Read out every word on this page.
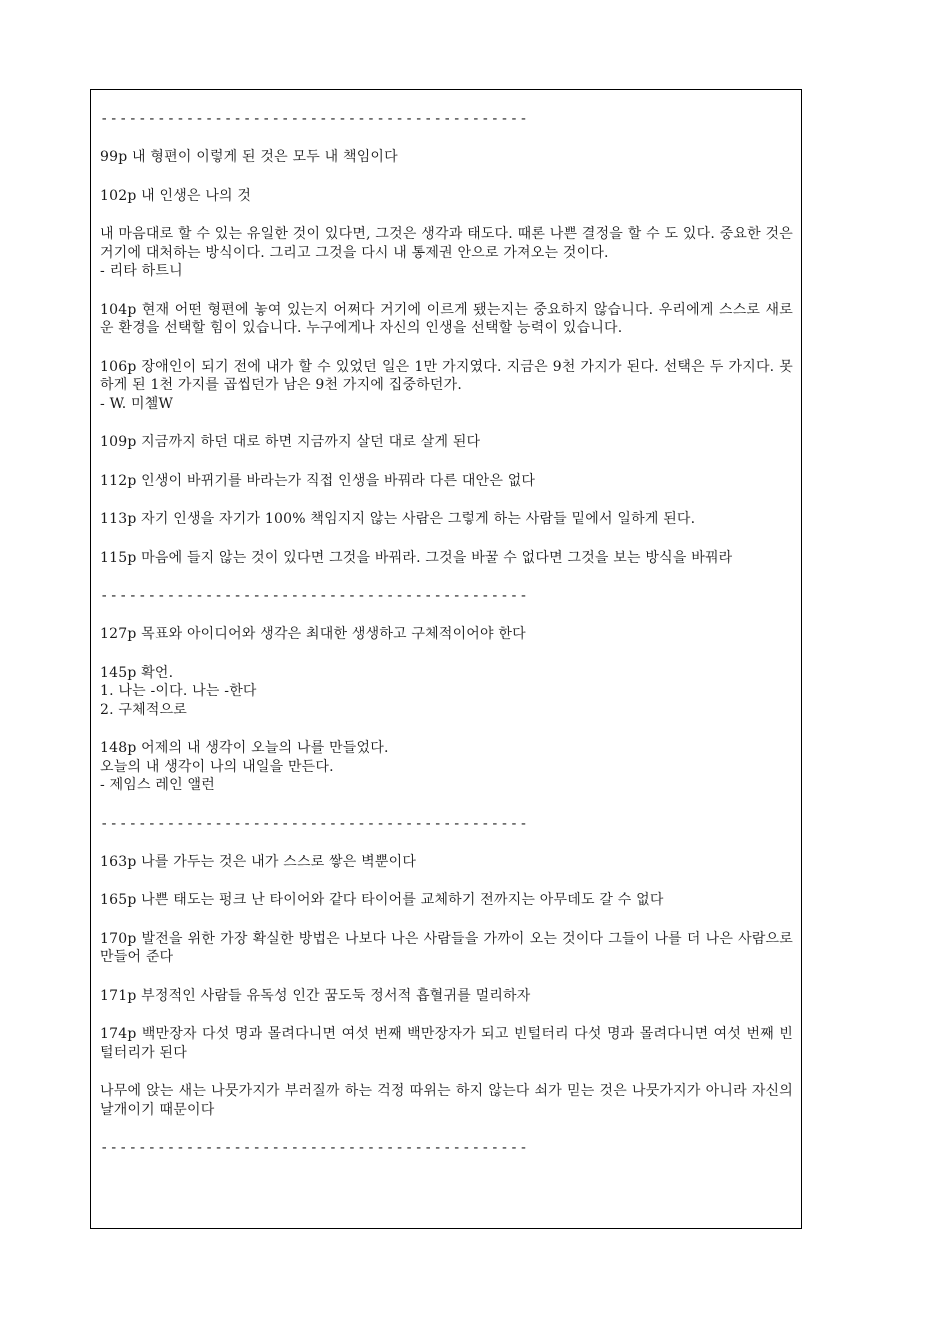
---------------------------------------------
99p 내 형편이 이렇게 된 것은 모두 내 책임이다
102p 내 인생은 나의 것
내 마음대로 할 수 있는 유일한 것이 있다면, 그것은 생각과 태도다. 때론 나쁜 결정을 할 수 도 있다. 중요한 것은 거기에 대처하는 방식이다. 그리고 그것을 다시 내 통제권 안으로 가져오는 것이다.
- 리타 하트니
104p 현재 어떤 형편에 놓여 있는지 어쩌다 거기에 이르게 됐는지는 중요하지 않습니다. 우리에게 스스로 새로운 환경을 선택할 힘이 있습니다. 누구에게나 자신의 인생을 선택할 능력이 있습니다.
106p 장애인이 되기 전에 내가 할 수 있었던 일은 1만 가지였다. 지금은 9천 가지가 된다. 선택은 두 가지다. 못 하게 된 1천 가지를 곱씹던가 남은 9천 가지에 집중하던가.
- W. 미첼W
109p 지금까지 하던 대로 하면 지금까지 살던 대로 살게 된다
112p 인생이 바뀌기를 바라는가 직접 인생을 바꿔라 다른 대안은 없다
113p 자기 인생을 자기가 100% 책임지지 않는 사람은 그렇게 하는 사람들 밑에서 일하게 된다.
115p 마음에 들지 않는 것이 있다면 그것을 바꿔라. 그것을 바꿀 수 없다면 그것을 보는 방식을 바꿔라
---------------------------------------------
127p 목표와 아이디어와 생각은 최대한 생생하고 구체적이어야 한다
145p 확언.
1. 나는 -이다. 나는 -한다
2. 구체적으로
148p 어제의 내 생각이 오늘의 나를 만들었다.
오늘의 내 생각이 나의 내일을 만든다.
- 제임스 레인 앨런
---------------------------------------------
163p 나를 가두는 것은 내가 스스로 쌓은 벽뿐이다
165p 나쁜 태도는 펑크 난 타이어와 같다 타이어를 교체하기 전까지는 아무데도 갈 수 없다
170p 발전을 위한 가장 확실한 방법은 나보다 나은 사람들을 가까이 오는 것이다 그들이 나를 더 나은 사람으로 만들어 준다
171p 부정적인 사람들 유독성 인간 꿈도둑 정서적 흡혈귀를 멀리하자
174p 백만장자 다섯 명과 몰려다니면 여섯 번째 백만장자가 되고 빈털터리 다섯 명과 몰려다니면 여섯 번째 빈털터리가 된다
나무에 앉는 새는 나뭇가지가 부러질까 하는 걱정 따위는 하지 않는다 쇠가 믿는 것은 나뭇가지가 아니라 자신의 날개이기 때문이다
---------------------------------------------
